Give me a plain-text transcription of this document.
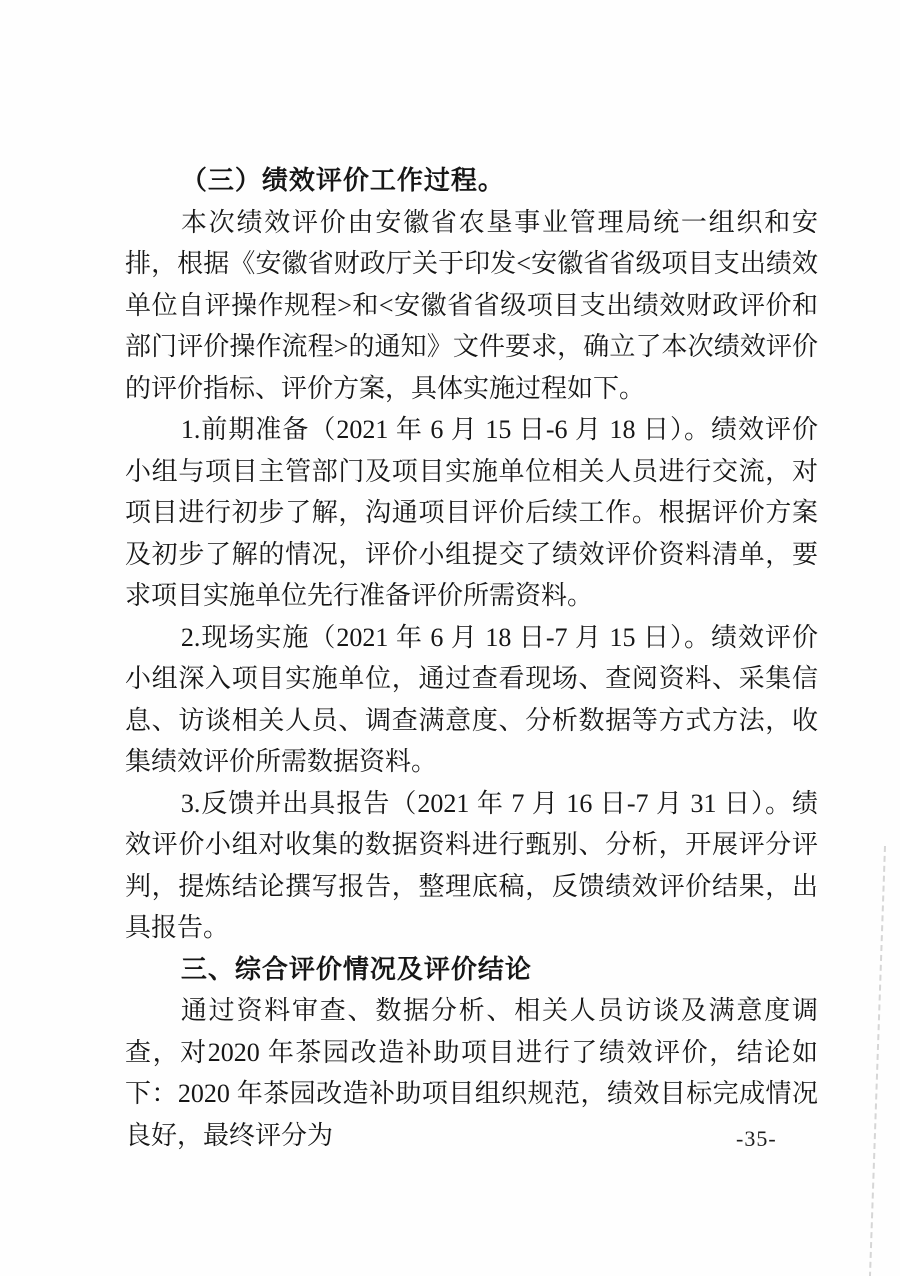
（三）绩效评价工作过程。

本次绩效评价由安徽省农垦事业管理局统一组织和安排，根据《安徽省财政厅关于印发<安徽省省级项目支出绩效单位自评操作规程>和<安徽省省级项目支出绩效财政评价和部门评价操作流程>的通知》文件要求，确立了本次绩效评价的评价指标、评价方案，具体实施过程如下。

1.前期准备（2021 年 6 月 15 日-6 月 18 日）。绩效评价小组与项目主管部门及项目实施单位相关人员进行交流，对项目进行初步了解，沟通项目评价后续工作。根据评价方案及初步了解的情况，评价小组提交了绩效评价资料清单，要求项目实施单位先行准备评价所需资料。

2.现场实施（2021 年 6 月 18 日-7 月 15 日）。绩效评价小组深入项目实施单位，通过查看现场、查阅资料、采集信息、访谈相关人员、调查满意度、分析数据等方式方法，收集绩效评价所需数据资料。

3.反馈并出具报告（2021 年 7 月 16 日-7 月 31 日）。绩效评价小组对收集的数据资料进行甄别、分析，开展评分评判，提炼结论撰写报告，整理底稿，反馈绩效评价结果，出具报告。

三、综合评价情况及评价结论

通过资料审查、数据分析、相关人员访谈及满意度调查，对2020 年茶园改造补助项目进行了绩效评价，结论如下：2020 年茶园改造补助项目组织规范，绩效目标完成情况良好，最终评分为	-35-
